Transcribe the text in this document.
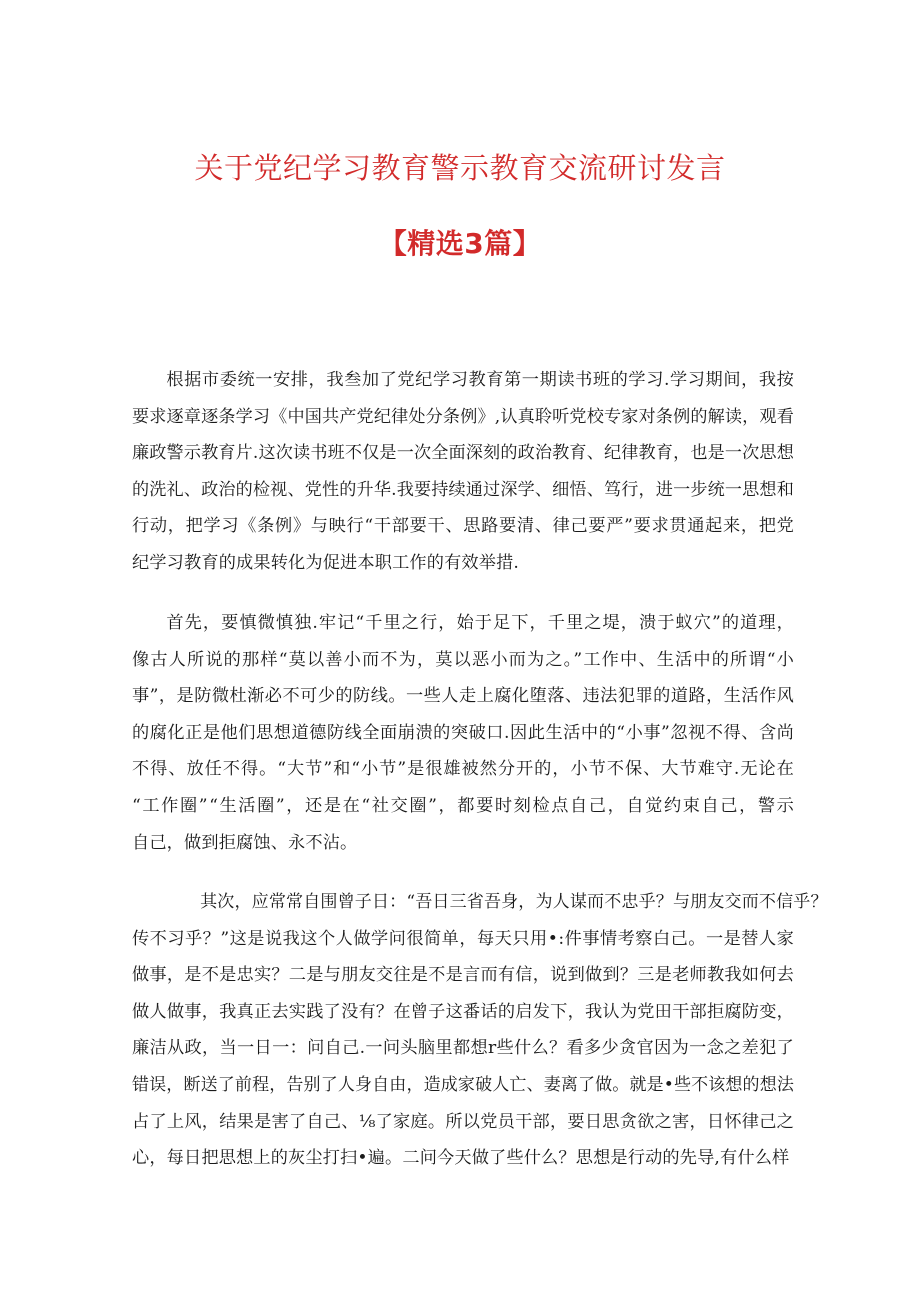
关于党纪学习教育警示教育交流研讨发言
【精选3篇】

根据市委统一安排，我叁加了党纪学习教育第一期读书班的学习.学习期间，我按
要求逐章逐条学习《中国共产党纪律处分条例》,认真聆听党校专家对条例的解读，观看
廉政警示教育片.这次读书班不仅是一次全面深刻的政治教育、纪律教育，也是一次思想
的洗礼、政治的检视、党性的升华.我要持续通过深学、细悟、笃行，进一步统一思想和
行动，把学习《条例》与映行“干部要干、思路要清、律己要严”要求贯通起来，把党
纪学习教育的成果转化为促进本职工作的有效举措.

首先，要慎微慎独.牢记“千里之行，始于足下，千里之堤，溃于蚁穴”的道理，
像古人所说的那样“莫以善小而不为，莫以恶小而为之。”工作中、生活中的所谓“小
事”，是防微杜渐必不可少的防线。一些人走上腐化堕落、违法犯罪的道路，生活作风
的腐化正是他们思想道德防线全面崩溃的突破口.因此生活中的“小事”忽视不得、含尚
不得、放任不得。“大节”和“小节”是很雄被然分开的，小节不保、大节难守.无论在
“工作圈”“生活圈”，还是在“社交圈”，都要时刻检点自己，自觉约束自己，警示
自己，做到拒腐蚀、永不沾。

其次，应常常自围曾子日：“吾日三省吾身，为人谋而不忠乎？与朋友交而不信乎？
传不习乎？”这是说我这个人做学问很简单，每天只用•:件事情考察白己。一是替人家
做事，是不是忠实？二是与朋友交往是不是言而有信，说到做到？三是老师教我如何去
做人做事，我真正去实践了没有？在曾子这番话的启发下，我认为党田干部拒腐防变，
廉洁从政，当一日一：问自己.一问头脑里都想r些什么？看多少贪官因为一念之差犯了
错误，断送了前程，告别了人身自由，造成家破人亡、妻离了做。就是•些不该想的想法
占了上风，结果是害了自己、⅛了家庭。所以党员干部，要日思贪欲之害，日怀律己之
心，每日把思想上的灰尘打扫•遍。二问今天做了些什么？思想是行动的先导,有什么样
